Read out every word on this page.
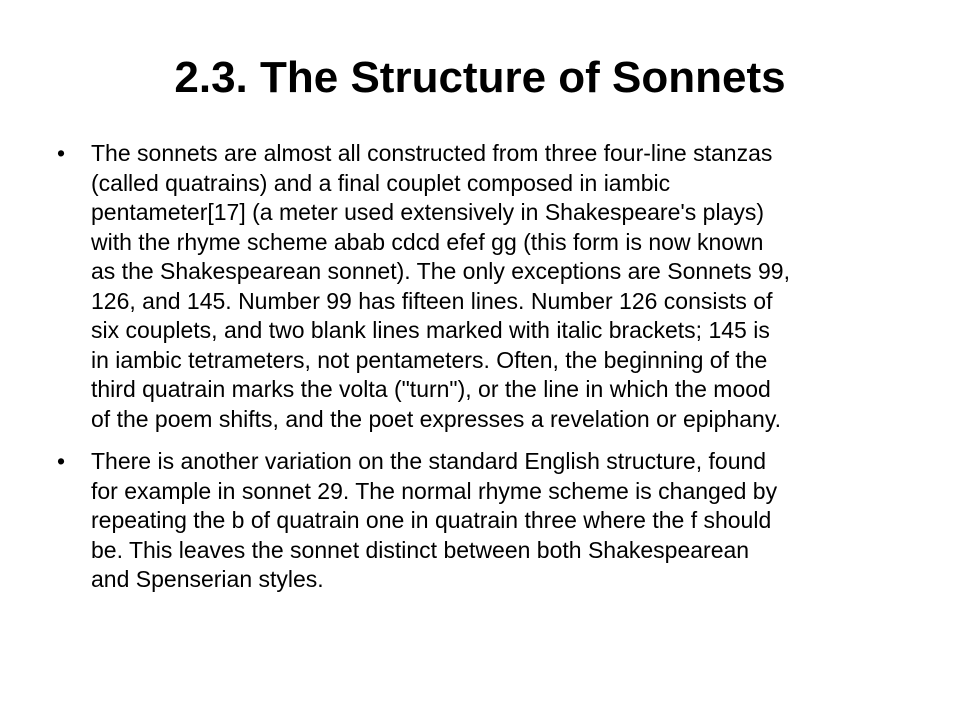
2.3. The Structure of Sonnets
•	The sonnets are almost all constructed from three four-line stanzas
(called quatrains) and a final couplet composed in iambic
pentameter[17] (a meter used extensively in Shakespeare's plays)
with the rhyme scheme abab cdcd efef gg (this form is now known
as the Shakespearean sonnet). The only exceptions are Sonnets 99,
126, and 145. Number 99 has fifteen lines. Number 126 consists of
six couplets, and two blank lines marked with italic brackets; 145 is
in iambic tetrameters, not pentameters. Often, the beginning of the
third quatrain marks the volta ("turn"), or the line in which the mood
of the poem shifts, and the poet expresses a revelation or epiphany.
•	There is another variation on the standard English structure, found
for example in sonnet 29. The normal rhyme scheme is changed by
repeating the b of quatrain one in quatrain three where the f should
be. This leaves the sonnet distinct between both Shakespearean
and Spenserian styles.
